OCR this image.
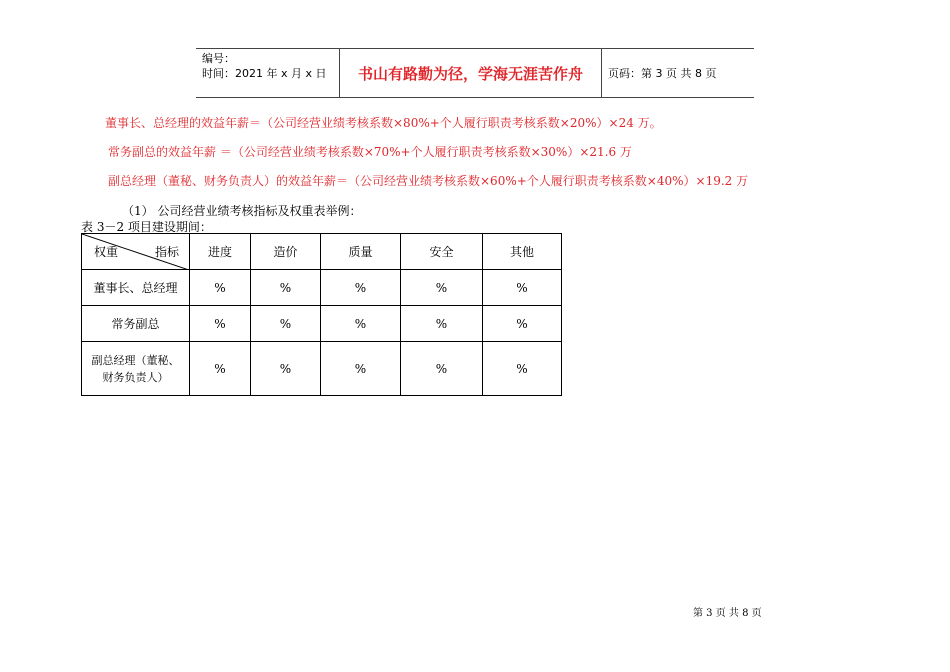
编号：
时间：2021 年 x 月 x 日	书山有路勤为径，学海无涯苦作舟	页码：第 3 页 共 8 页
董事长、总经理的效益年薪＝（公司经营业绩考核系数×80%+个人履行职责考核系数×20%）×24 万。
常务副总的效益年薪 ＝（公司经营业绩考核系数×70%+个人履行职责考核系数×30%）×21.6 万
副总经理（董秘、财务负责人）的效益年薪＝（公司经营业绩考核系数×60%+个人履行职责考核系数×40%）×19.2 万
（1） 公司经营业绩考核指标及权重表举例：
表 3－2 项目建设期间：
权重 指标	进度	造价	质量	安全	其他
董事长、总经理	%	%	%	%	%
常务副总	%	%	%	%	%

副总经理（董秘、
财务负责人）	%	%	%	%	%
第 3 页 共 8 页
